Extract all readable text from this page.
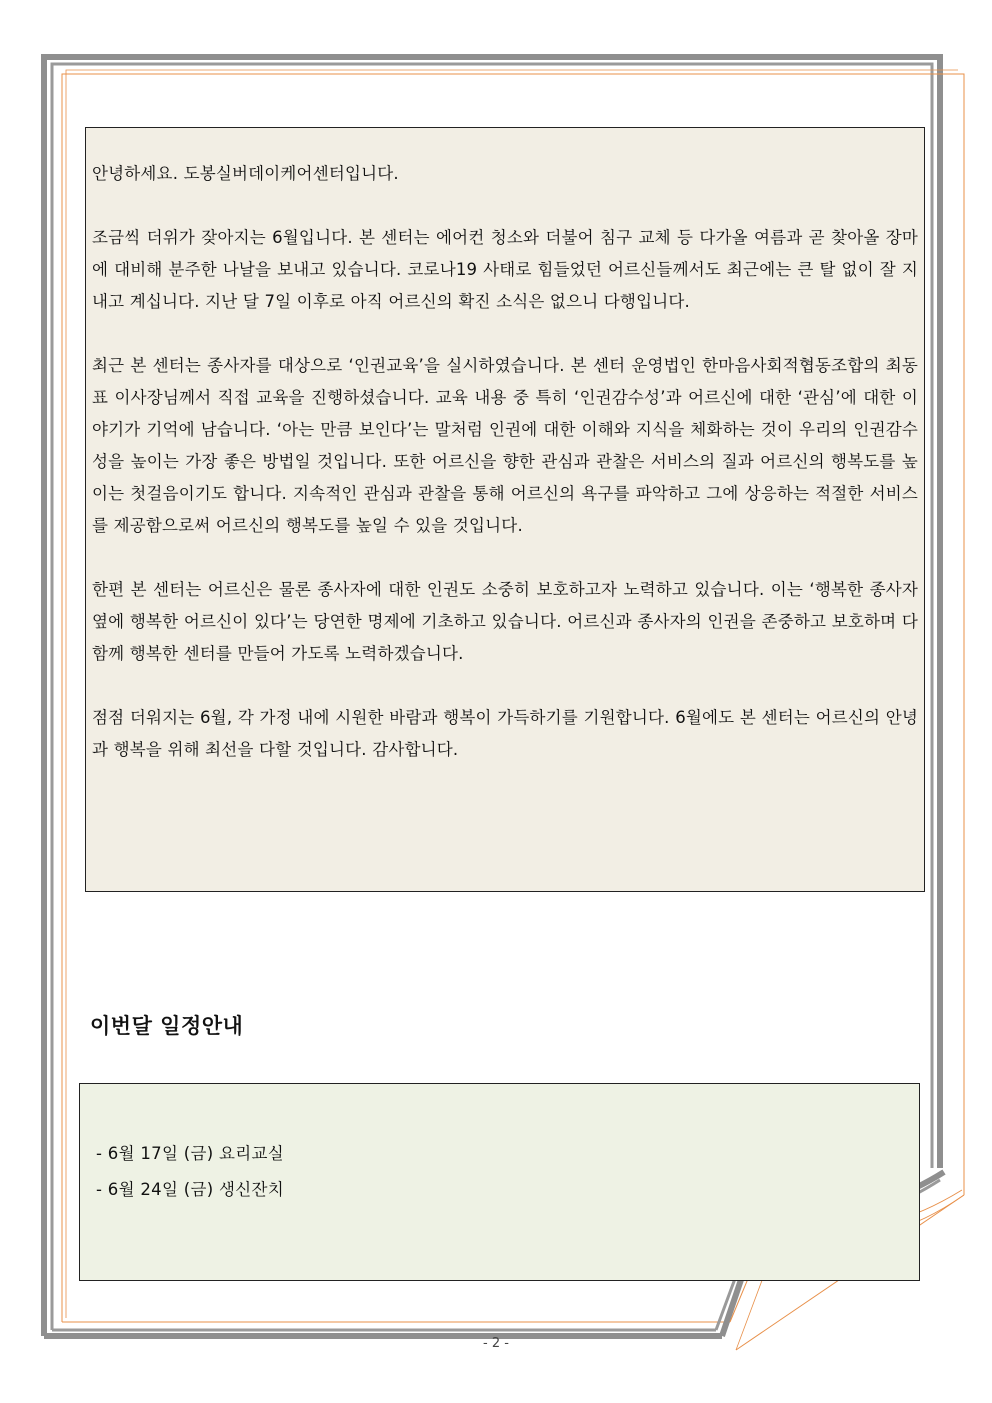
안녕하세요. 도봉실버데이케어센터입니다.

조금씩 더위가 잦아지는 6월입니다. 본 센터는 에어컨 청소와 더불어 침구 교체 등 다가올 여름과 곧 찾아올 장마에 대비해 분주한 나날을 보내고 있습니다. 코로나19 사태로 힘들었던 어르신들께서도 최근에는 큰 탈 없이 잘 지내고 계십니다. 지난 달 7일 이후로 아직 어르신의 확진 소식은 없으니 다행입니다.

최근 본 센터는 종사자를 대상으로 ‘인권교육’을 실시하였습니다. 본 센터 운영법인 한마음사회적협동조합의 최동표 이사장님께서 직접 교육을 진행하셨습니다. 교육 내용 중 특히 ‘인권감수성’과 어르신에 대한 ‘관심’에 대한 이야기가 기억에 남습니다. ‘아는 만큼 보인다’는 말처럼 인권에 대한 이해와 지식을 체화하는 것이 우리의 인권감수성을 높이는 가장 좋은 방법일 것입니다. 또한 어르신을 향한 관심과 관찰은 서비스의 질과 어르신의 행복도를 높이는 첫걸음이기도 합니다. 지속적인 관심과 관찰을 통해 어르신의 욕구를 파악하고 그에 상응하는 적절한 서비스를 제공함으로써 어르신의 행복도를 높일 수 있을 것입니다.

한편 본 센터는 어르신은 물론 종사자에 대한 인권도 소중히 보호하고자 노력하고 있습니다. 이는 ‘행복한 종사자 옆에 행복한 어르신이 있다’는 당연한 명제에 기초하고 있습니다. 어르신과 종사자의 인권을 존중하고 보호하며 다함께 행복한 센터를 만들어 가도록 노력하겠습니다.

점점 더워지는 6월, 각 가정 내에 시원한 바람과 행복이 가득하기를 기원합니다. 6월에도 본 센터는 어르신의 안녕과 행복을 위해 최선을 다할 것입니다. 감사합니다.

이번달 일정안내

- 6월 17일 (금) 요리교실

- 6월 24일 (금) 생신잔치

- 2 -
